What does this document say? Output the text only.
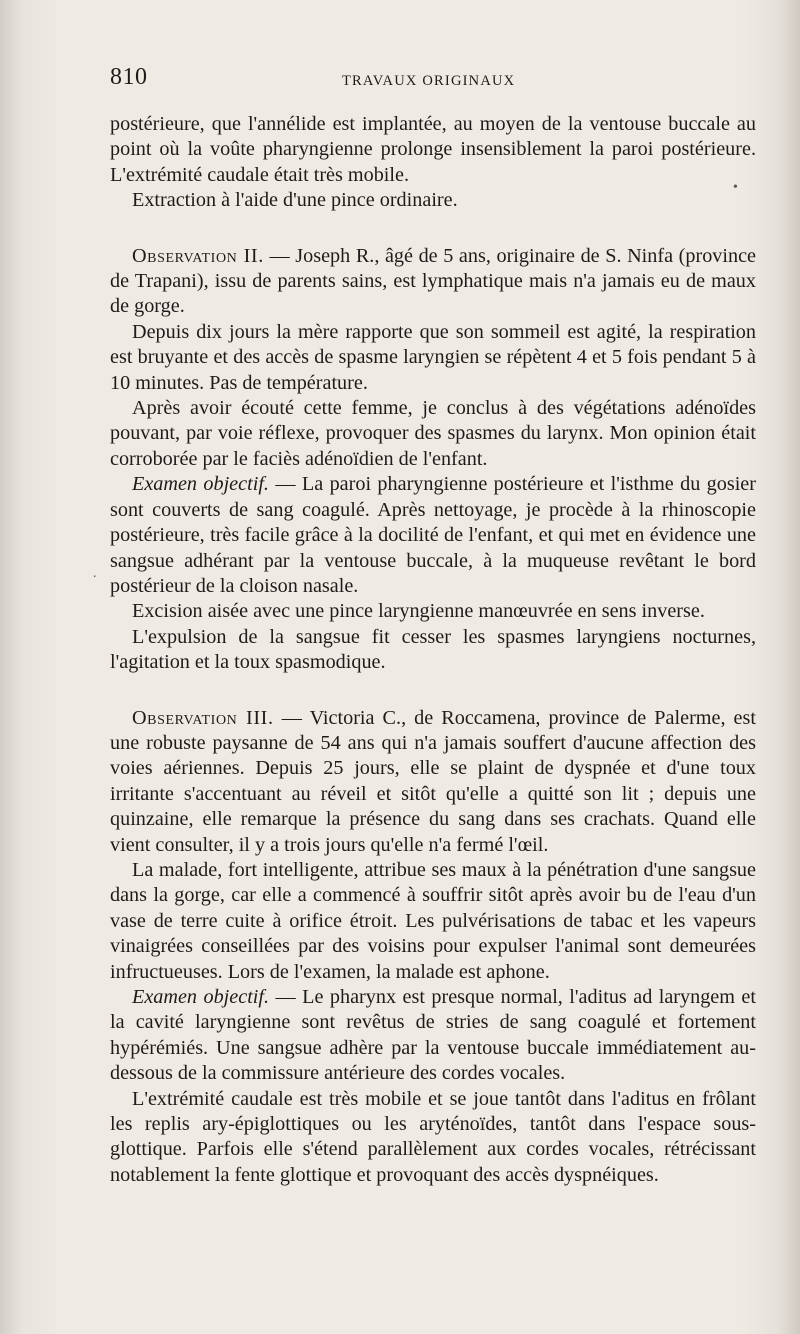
810	TRAVAUX ORIGINAUX

postérieure, que l'annélide est implantée, au moyen de la ventouse buccale au point où la voûte pharyngienne prolonge insensiblement la paroi postérieure. L'extrémité caudale était très mobile.

Extraction à l'aide d'une pince ordinaire.

Observation II. — Joseph R., âgé de 5 ans, originaire de S. Ninfa (province de Trapani), issu de parents sains, est lymphatique mais n'a jamais eu de maux de gorge.

Depuis dix jours la mère rapporte que son sommeil est agité, la respiration est bruyante et des accès de spasme laryngien se répètent 4 et 5 fois pendant 5 à 10 minutes. Pas de température.

Après avoir écouté cette femme, je conclus à des végétations adénoïdes pouvant, par voie réflexe, provoquer des spasmes du larynx. Mon opinion était corroborée par le faciès adénoïdien de l'enfant.

Examen objectif. — La paroi pharyngienne postérieure et l'isthme du gosier sont couverts de sang coagulé. Après nettoyage, je procède à la rhinoscopie postérieure, très facile grâce à la docilité de l'enfant, et qui met en évidence une sangsue adhérant par la ventouse buccale, à la muqueuse revêtant le bord postérieur de la cloison nasale.

Excision aisée avec une pince laryngienne manœuvrée en sens inverse.

L'expulsion de la sangsue fit cesser les spasmes laryngiens nocturnes, l'agitation et la toux spasmodique.

Observation III. — Victoria C., de Roccamena, province de Palerme, est une robuste paysanne de 54 ans qui n'a jamais souffert d'aucune affection des voies aériennes. Depuis 25 jours, elle se plaint de dyspnée et d'une toux irritante s'accentuant au réveil et sitôt qu'elle a quitté son lit ; depuis une quinzaine, elle remarque la présence du sang dans ses crachats. Quand elle vient consulter, il y a trois jours qu'elle n'a fermé l'œil.

La malade, fort intelligente, attribue ses maux à la pénétration d'une sangsue dans la gorge, car elle a commencé à souffrir sitôt après avoir bu de l'eau d'un vase de terre cuite à orifice étroit. Les pulvérisations de tabac et les vapeurs vinaigrées conseillées par des voisins pour expulser l'animal sont demeurées infructueuses. Lors de l'examen, la malade est aphone.

Examen objectif. — Le pharynx est presque normal, l'aditus ad laryngem et la cavité laryngienne sont revêtus de stries de sang coagulé et fortement hypérémiés. Une sangsue adhère par la ventouse buccale immédiatement au-dessous de la commissure antérieure des cordes vocales.

L'extrémité caudale est très mobile et se joue tantôt dans l'aditus en frôlant les replis ary-épiglottiques ou les aryténoïdes, tantôt dans l'espace sous-glottique. Parfois elle s'étend parallèlement aux cordes vocales, rétrécissant notablement la fente glottique et provoquant des accès dyspnéiques.

.
•
